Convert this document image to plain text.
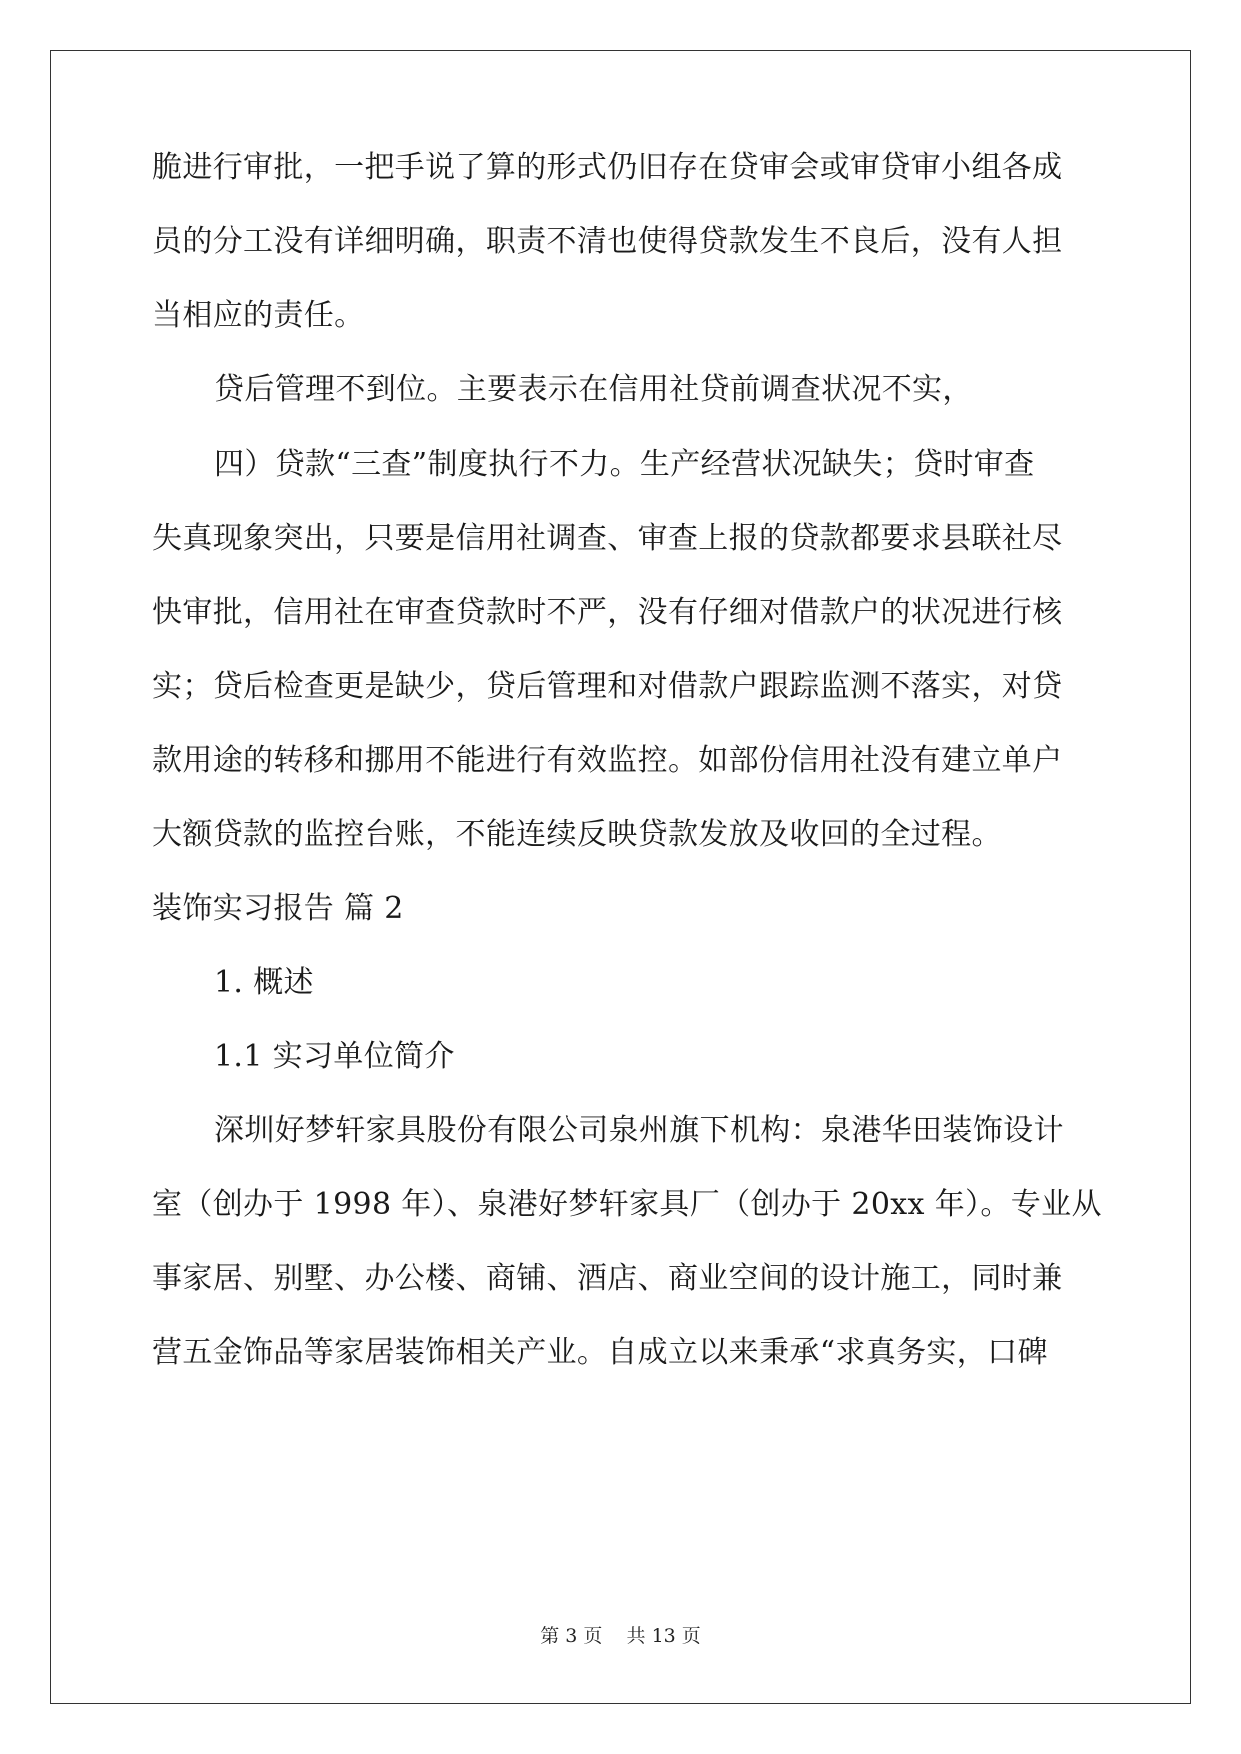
脆进行审批，一把手说了算的形式仍旧存在贷审会或审贷审小组各成
员的分工没有详细明确，职责不清也使得贷款发生不良后，没有人担
当相应的责任。
贷后管理不到位。主要表示在信用社贷前调查状况不实，
四）贷款“三查”制度执行不力。生产经营状况缺失；贷时审查
失真现象突出，只要是信用社调查、审查上报的贷款都要求县联社尽
快审批，信用社在审查贷款时不严，没有仔细对借款户的状况进行核
实；贷后检查更是缺少，贷后管理和对借款户跟踪监测不落实，对贷
款用途的转移和挪用不能进行有效监控。如部份信用社没有建立单户
大额贷款的监控台账，不能连续反映贷款发放及收回的全过程。
装饰实习报告 篇 2
1. 概述
1.1 实习单位简介
深圳好梦轩家具股份有限公司泉州旗下机构：泉港华田装饰设计
室（创办于 1998 年）、泉港好梦轩家具厂（创办于 20xx 年）。专业从
事家居、别墅、办公楼、商铺、酒店、商业空间的设计施工，同时兼
营五金饰品等家居装饰相关产业。自成立以来秉承“求真务实，口碑
第 3 页    共 13 页
